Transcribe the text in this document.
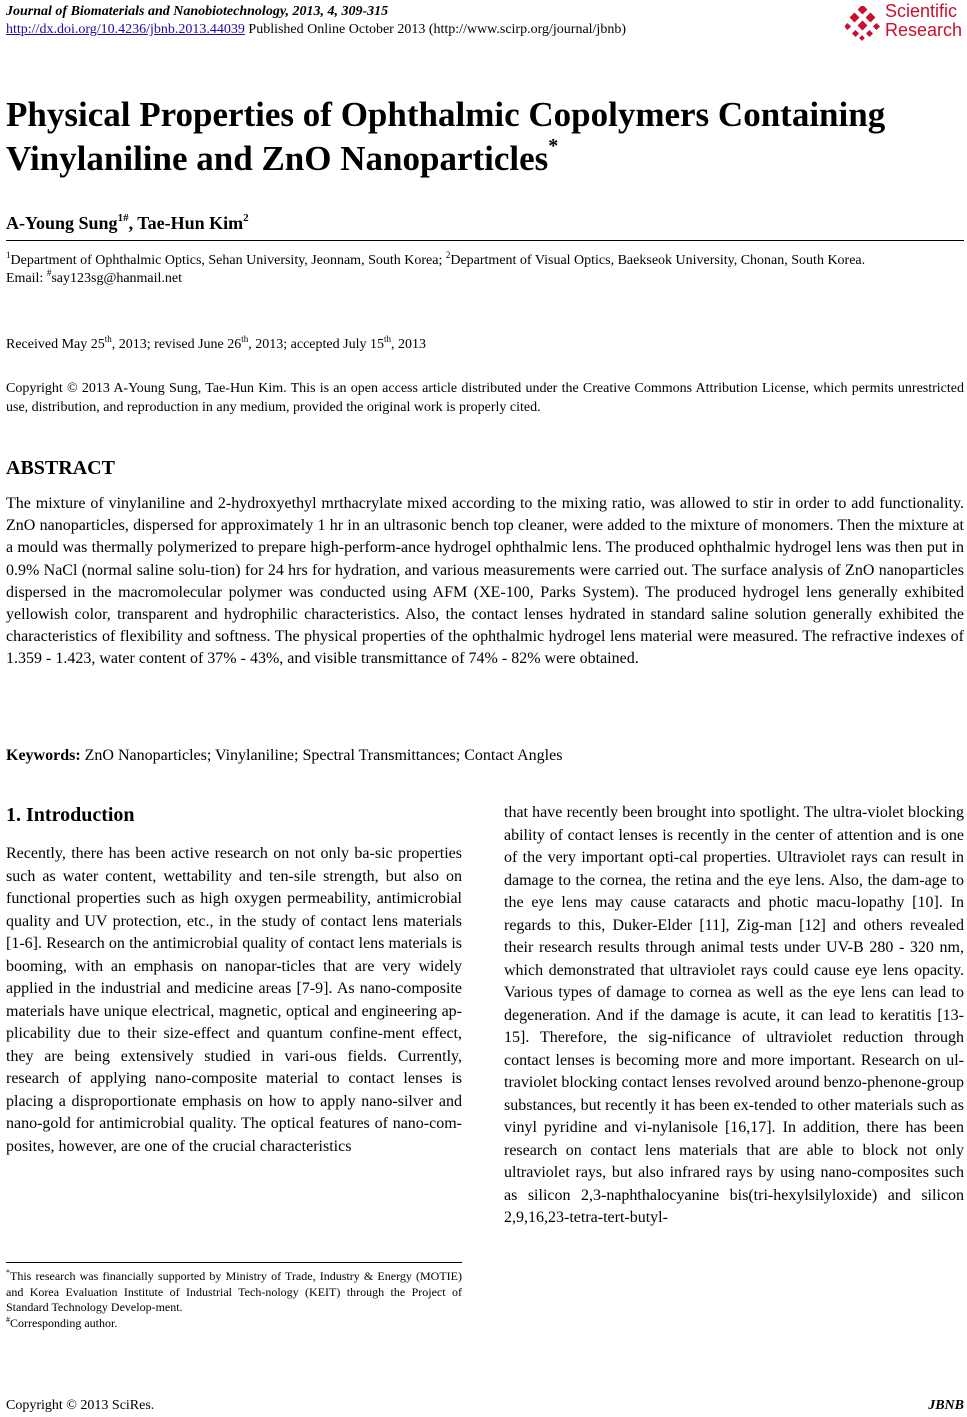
Journal of Biomaterials and Nanobiotechnology, 2013, 4, 309-315
http://dx.doi.org/10.4236/jbnb.2013.44039 Published Online October 2013 (http://www.scirp.org/journal/jbnb)
Scientific
Research
Physical Properties of Ophthalmic Copolymers Containing
Vinylaniline and ZnO Nanoparticles*
A-Young Sung$^{1\#}$, Tae-Hun Kim$^2$
$^1$Department of Ophthalmic Optics, Sehan University, Jeonnam, South Korea; $^2$Department of Visual Optics, Baekseok University, Chonan, South Korea.
Email: #say123sg@hanmail.net
Received May 25th, 2013; revised June 26th, 2013; accepted July 15th, 2013
Copyright © 2013 A-Young Sung, Tae-Hun Kim. This is an open access article distributed under the Creative Commons Attribution License, which permits unrestricted use, distribution, and reproduction in any medium, provided the original work is properly cited.
ABSTRACT
The mixture of vinylaniline and 2-hydroxyethyl mrthacrylate mixed according to the mixing ratio, was allowed to stir in order to add functionality. ZnO nanoparticles, dispersed for approximately 1 hr in an ultrasonic bench top cleaner, were added to the mixture of monomers. Then the mixture at a mould was thermally polymerized to prepare high-perform-ance hydrogel ophthalmic lens. The produced ophthalmic hydrogel lens was then put in 0.9% NaCl (normal saline solu-tion) for 24 hrs for hydration, and various measurements were carried out. The surface analysis of ZnO nanoparticles dispersed in the macromolecular polymer was conducted using AFM (XE-100, Parks System). The produced hydrogel lens generally exhibited yellowish color, transparent and hydrophilic characteristics. Also, the contact lenses hydrated in standard saline solution generally exhibited the characteristics of flexibility and softness. The physical properties of the ophthalmic hydrogel lens material were measured. The refractive indexes of 1.359 - 1.423, water content of 37% - 43%, and visible transmittance of 74% - 82% were obtained.
Keywords: ZnO Nanoparticles; Vinylaniline; Spectral Transmittances; Contact Angles
1. Introduction
Recently, there has been active research on not only ba-sic properties such as water content, wettability and ten-sile strength, but also on functional properties such as high oxygen permeability, antimicrobial quality and UV protection, etc., in the study of contact lens materials [1-6]. Research on the antimicrobial quality of contact lens materials is booming, with an emphasis on nanopar-ticles that are very widely applied in the industrial and medicine areas [7-9]. As nano-composite materials have unique electrical, magnetic, optical and engineering ap-plicability due to their size-effect and quantum confine-ment effect, they are being extensively studied in vari-ous fields. Currently, research of applying nano-composite material to contact lenses is placing a disproportionate emphasis on how to apply nano-silver and nano-gold for antimicrobial quality. The optical features of nano-com-posites, however, are one of the crucial characteristics
that have recently been brought into spotlight. The ultra-violet blocking ability of contact lenses is recently in the center of attention and is one of the very important opti-cal properties. Ultraviolet rays can result in damage to the cornea, the retina and the eye lens. Also, the dam-age to the eye lens may cause cataracts and photic macu-lopathy [10]. In regards to this, Duker-Elder [11], Zig-man [12] and others revealed their research results through animal tests under UV-B 280 - 320 nm, which demonstrated that ultraviolet rays could cause eye lens opacity. Various types of damage to cornea as well as the eye lens can lead to degeneration. And if the damage is acute, it can lead to keratitis [13-15]. Therefore, the sig-nificance of ultraviolet reduction through contact lenses is becoming more and more important. Research on ul-traviolet blocking contact lenses revolved around benzo-phenone-group substances, but recently it has been ex-tended to other materials such as vinyl pyridine and vi-nylanisole [16,17]. In addition, there has been research on contact lens materials that are able to block not only ultraviolet rays, but also infrared rays by using nano-composites such as silicon 2,3-naphthalocyanine bis(tri-hexylsilyloxide) and silicon 2,9,16,23-tetra-tert-butyl-
*This research was financially supported by Ministry of Trade, Industry & Energy (MOTIE) and Korea Evaluation Institute of Industrial Tech-nology (KEIT) through the Project of Standard Technology Develop-ment.
#Corresponding author.
Copyright © 2013 SciRes.	JBNB
